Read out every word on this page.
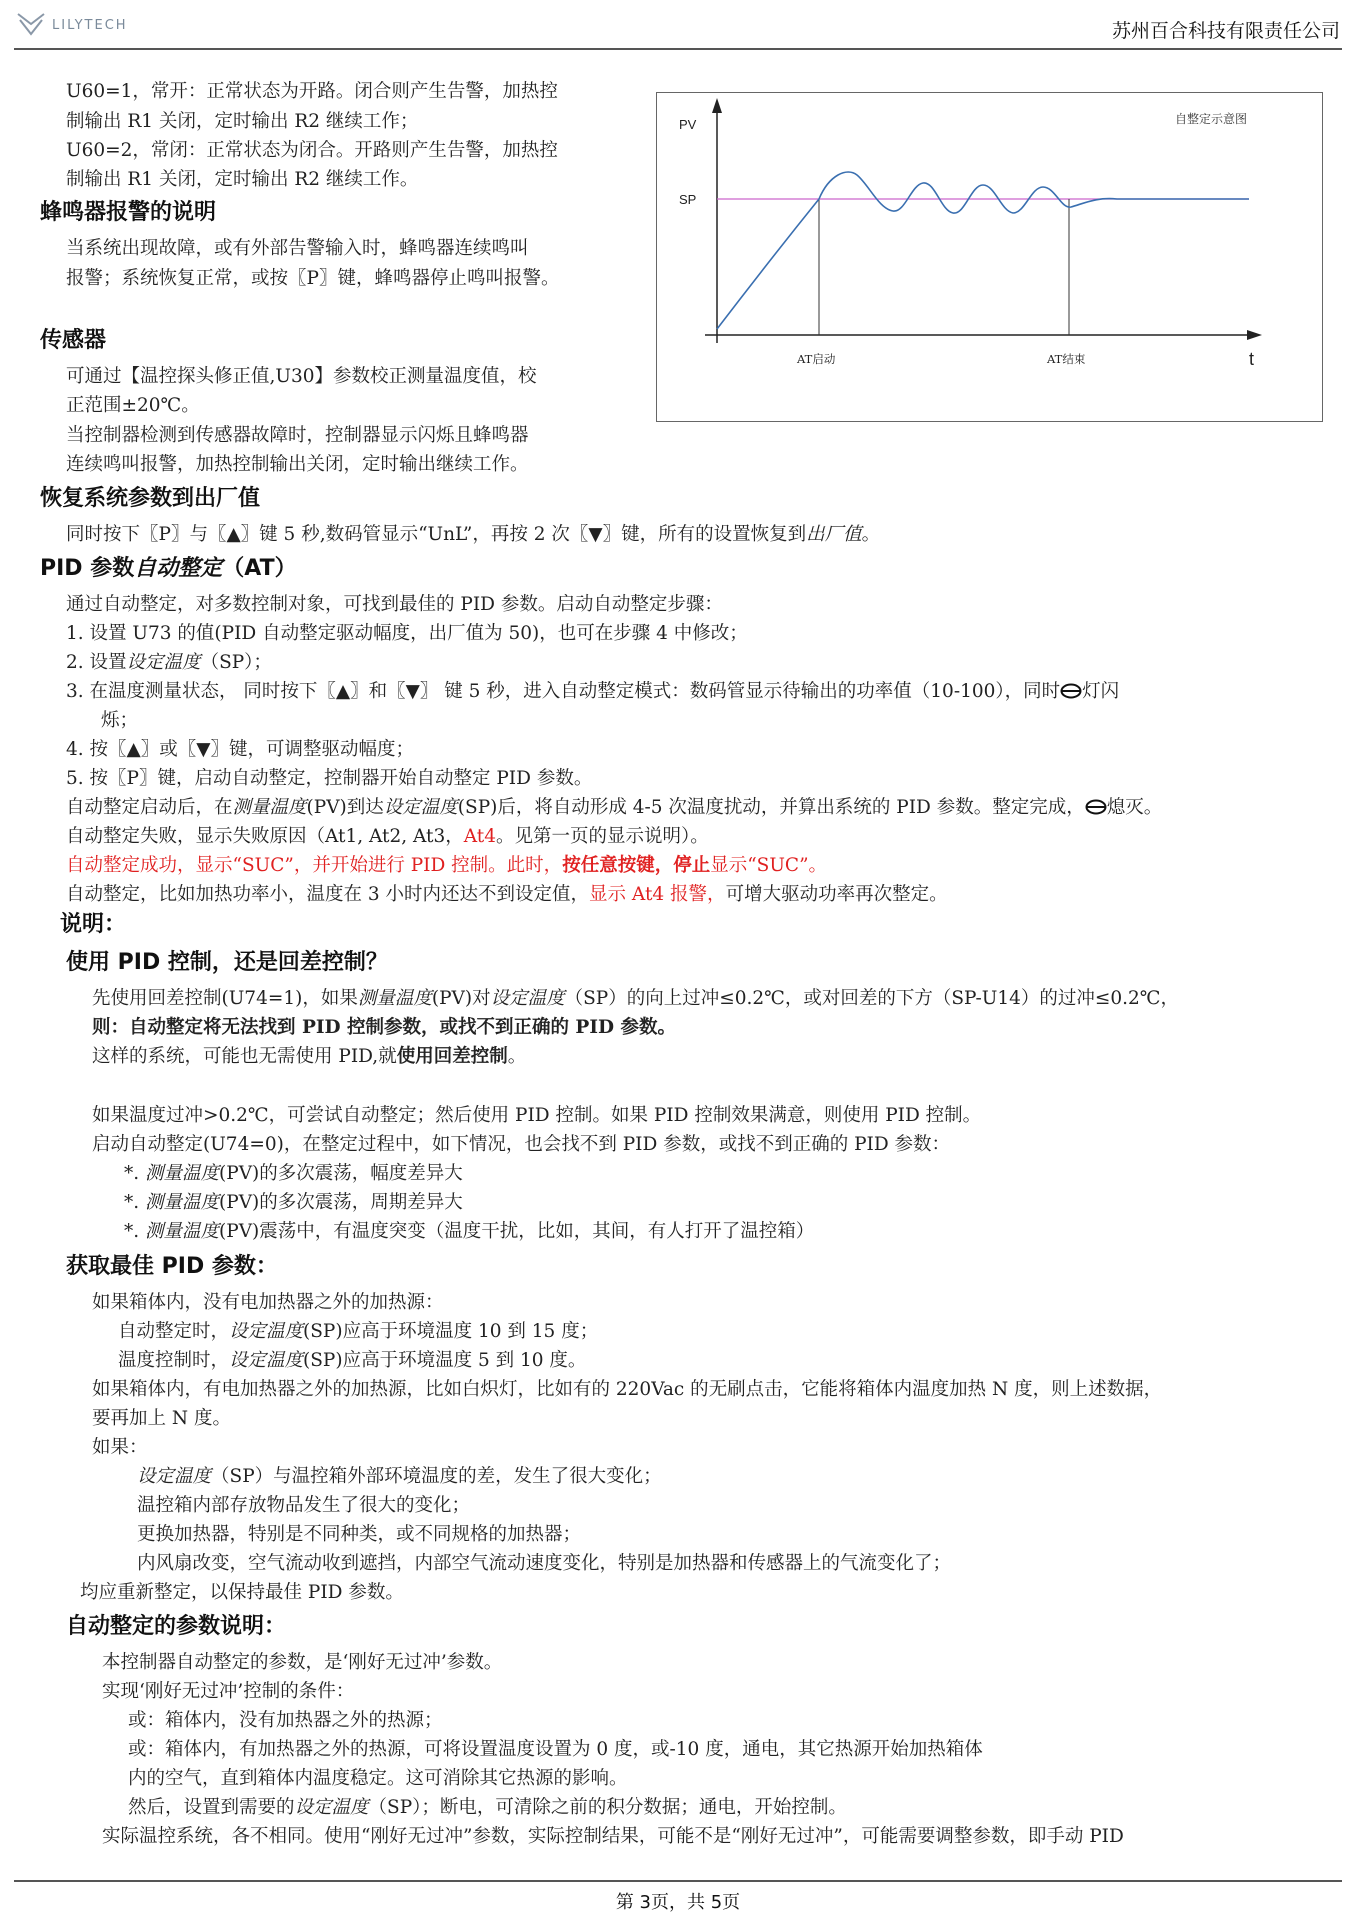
LILYTECH	苏州百合科技有限责任公司
U60=1，常开：正常状态为开路。闭合则产生告警，加热控
制输出 R1 关闭，定时输出 R2 继续工作；
U60=2，常闭：正常状态为闭合。开路则产生告警，加热控
制输出 R1 关闭，定时输出 R2 继续工作。
蜂鸣器报警的说明
当系统出现故障，或有外部告警输入时，蜂鸣器连续鸣叫
报警；系统恢复正常，或按〖P〗键，蜂鸣器停止鸣叫报警。
传感器
可通过【温控探头修正值,U30】参数校正测量温度值，校
正范围±20℃。
当控制器检测到传感器故障时，控制器显示闪烁且蜂鸣器
连续鸣叫报警，加热控制输出关闭，定时输出继续工作。
PV
SP
t
AT启动	AT结束
自整定示意图
恢复系统参数到出厂值
同时按下〖P〗与〖▲〗键 5 秒,数码管显示“UnL”，再按 2 次〖▼〗键，所有的设置恢复到出厂值。
PID 参数自动整定（AT）
通过自动整定，对多数控制对象，可找到最佳的 PID 参数。启动自动整定步骤：
1. 设置 U73 的值(PID 自动整定驱动幅度，出厂值为 50)，也可在步骤 4 中修改；
2. 设置设定温度（SP）；
3. 在温度测量状态， 同时按下〖▲〗和〖▼〗 键 5 秒，进入自动整定模式：数码管显示待输出的功率值（10-100），同时 灯闪
烁；
4. 按〖▲〗或〖▼〗键，可调整驱动幅度；
5. 按〖P〗键，启动自动整定，控制器开始自动整定 PID 参数。
自动整定启动后，在测量温度(PV)到达设定温度(SP)后，将自动形成 4-5 次温度扰动，并算出系统的 PID 参数。整定完成， 熄灭。
自动整定失败，显示失败原因（At1, At2, At3，At4。见第一页的显示说明）。
自动整定成功，显示“SUC”，并开始进行 PID 控制。此时，按任意按键，停止显示“SUC”。
自动整定，比如加热功率小，温度在 3 小时内还达不到设定值，显示 At4 报警，可增大驱动功率再次整定。
说明：
使用 PID 控制，还是回差控制？
先使用回差控制(U74=1)，如果测量温度(PV)对设定温度（SP）的向上过冲≤0.2℃，或对回差的下方（SP-U14）的过冲≤0.2℃，
则：自动整定将无法找到 PID 控制参数，或找不到正确的 PID 参数。
这样的系统，可能也无需使用 PID,就使用回差控制。
如果温度过冲>0.2℃，可尝试自动整定；然后使用 PID 控制。如果 PID 控制效果满意，则使用 PID 控制。
启动自动整定(U74=0)，在整定过程中，如下情况，也会找不到 PID 参数，或找不到正确的 PID 参数：
*. 测量温度(PV)的多次震荡，幅度差异大
*. 测量温度(PV)的多次震荡，周期差异大
*. 测量温度(PV)震荡中，有温度突变（温度干扰，比如，其间，有人打开了温控箱）
获取最佳 PID 参数：
如果箱体内，没有电加热器之外的加热源：
自动整定时，设定温度(SP)应高于环境温度 10 到 15 度；
温度控制时，设定温度(SP)应高于环境温度 5 到 10 度。
如果箱体内，有电加热器之外的加热源，比如白炽灯，比如有的 220Vac 的无刷点击，它能将箱体内温度加热 N 度，则上述数据，
要再加上 N 度。
如果：
设定温度（SP）与温控箱外部环境温度的差，发生了很大变化；
温控箱内部存放物品发生了很大的变化；
更换加热器，特别是不同种类，或不同规格的加热器；
内风扇改变，空气流动收到遮挡，内部空气流动速度变化，特别是加热器和传感器上的气流变化了；
均应重新整定，以保持最佳 PID 参数。
自动整定的参数说明：
本控制器自动整定的参数，是‘刚好无过冲’参数。
实现‘刚好无过冲’控制的条件：
或：箱体内，没有加热器之外的热源；
或：箱体内，有加热器之外的热源，可将设置温度设置为 0 度，或-10 度，通电，其它热源开始加热箱体
内的空气，直到箱体内温度稳定。这可消除其它热源的影响。
然后，设置到需要的设定温度（SP）；断电，可清除之前的积分数据；通电，开始控制。
实际温控系统，各不相同。使用“刚好无过冲”参数，实际控制结果，可能不是“刚好无过冲”，可能需要调整参数，即手动 PID
第 3页，共 5页
